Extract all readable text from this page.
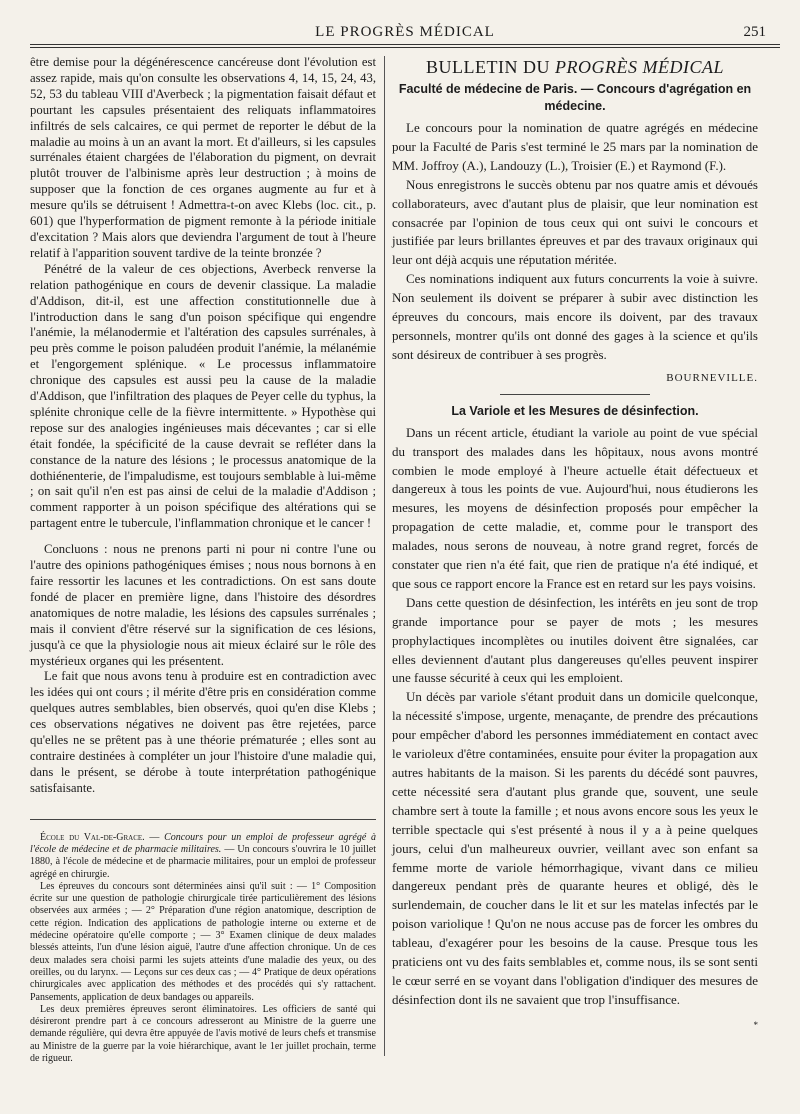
LE PROGRÈS MÉDICAL	251

être demise pour la dégénérescence cancéreuse dont l'évolution est assez rapide, mais qu'on consulte les observations 4, 14, 15, 24, 43, 52, 53 du tableau VIII d'Averbeck ; la pigmentation faisait défaut et pourtant les capsules présentaient des reliquats inflammatoires infiltrés de sels calcaires, ce qui permet de reporter le début de la maladie au moins à un an avant la mort. Et d'ailleurs, si les capsules surrénales étaient chargées de l'élaboration du pigment, on devrait plutôt trouver de l'albinisme après leur destruction ; à moins de supposer que la fonction de ces organes augmente au fur et à mesure qu'ils se détruisent ! Admettra-t-on avec Klebs (loc. cit., p. 601) que l'hyperformation de pigment remonte à la période initiale d'excitation ? Mais alors que deviendra l'argument de tout à l'heure relatif à l'apparition souvent tardive de la teinte bronzée ?

Pénétré de la valeur de ces objections, Averbeck renverse la relation pathogénique en cours de devenir classique. La maladie d'Addison, dit-il, est une affection constitutionnelle due à l'introduction dans le sang d'un poison spécifique qui engendre l'anémie, la mélanodermie et l'altération des capsules surrénales, à peu près comme le poison paludéen produit l'anémie, la mélanémie et l'engorgement splénique. « Le processus inflammatoire chronique des capsules est aussi peu la cause de la maladie d'Addison, que l'infiltration des plaques de Peyer celle du typhus, la splénite chronique celle de la fièvre intermittente. » Hypothèse qui repose sur des analogies ingénieuses mais décevantes ; car si elle était fondée, la spécificité de la cause devrait se refléter dans la constance de la nature des lésions ; le processus anatomique de la dothiénenterie, de l'impaludisme, est toujours semblable à lui-même ; on sait qu'il n'en est pas ainsi de celui de la maladie d'Addison ; comment rapporter à un poison spécifique des altérations qui se partagent entre le tubercule, l'inflammation chronique et le cancer !

Concluons : nous ne prenons parti ni pour ni contre l'une ou l'autre des opinions pathogéniques émises ; nous nous bornons à en faire ressortir les lacunes et les contradictions. On est sans doute fondé de placer en première ligne, dans l'histoire des désordres anatomiques de notre maladie, les lésions des capsules surrénales ; mais il convient d'être réservé sur la signification de ces lésions, jusqu'à ce que la physiologie nous ait mieux éclairé sur le rôle des mystérieux organes qui les présentent.

Le fait que nous avons tenu à produire est en contradiction avec les idées qui ont cours ; il mérite d'être pris en considération comme quelques autres semblables, bien observés, quoi qu'en dise Klebs ; ces observations négatives ne doivent pas être rejetées, parce qu'elles ne se prêtent pas à une théorie prématurée ; elles sont au contraire destinées à compléter un jour l'histoire d'une maladie qui, dans le présent, se dérobe à toute interprétation pathogénique satisfaisante.

École du Val-de-Grace. — Concours pour un emploi de professeur agrégé à l'école de médecine et de pharmacie militaires. — Un concours s'ouvrira le 10 juillet 1880, à l'école de médecine et de pharmacie militaires, pour un emploi de professeur agrégé en chirurgie.

Les épreuves du concours sont déterminées ainsi qu'il suit : — 1° Composition écrite sur une question de pathologie chirurgicale tirée particulièrement des lésions observées aux armées ; — 2° Préparation d'une région anatomique, description de cette région. Indication des applications de pathologie interne ou externe et de médecine opératoire qu'elle comporte ; — 3° Examen clinique de deux malades blessés atteints, l'un d'une lésion aiguë, l'autre d'une affection chronique. Un de ces deux malades sera choisi parmi les sujets atteints d'une maladie des yeux, ou des oreilles, ou du larynx. — Leçons sur ces deux cas ; — 4° Pratique de deux opérations chirurgicales avec application des méthodes et des procédés qui s'y rattachent. Pansements, application de deux bandages ou appareils.

Les deux premières épreuves seront éliminatoires. Les officiers de santé qui désireront prendre part à ce concours adresseront au Ministre de la guerre une demande régulière, qui devra être appuyée de l'avis motivé de leurs chefs et transmise au Ministre de la guerre par la voie hiérarchique, avant le 1er juillet prochain, terme de rigueur.

BULLETIN DU PROGRÈS MÉDICAL
Faculté de médecine de Paris. — Concours d'agrégation en médecine.

Le concours pour la nomination de quatre agrégés en médecine pour la Faculté de Paris s'est terminé le 25 mars par la nomination de MM. Joffroy (A.), Landouzy (L.), Troisier (E.) et Raymond (F.).

Nous enregistrons le succès obtenu par nos quatre amis et dévoués collaborateurs, avec d'autant plus de plaisir, que leur nomination est consacrée par l'opinion de tous ceux qui ont suivi le concours et justifiée par leurs brillantes épreuves et par des travaux originaux qui leur ont déjà acquis une réputation méritée.

Ces nominations indiquent aux futurs concurrents la voie à suivre. Non seulement ils doivent se préparer à subir avec distinction les épreuves du concours, mais encore ils doivent, par des travaux personnels, montrer qu'ils ont donné des gages à la science et qu'ils sont désireux de contribuer à ses progrès.

BOURNEVILLE.
La Variole et les Mesures de désinfection.

Dans un récent article, étudiant la variole au point de vue spécial du transport des malades dans les hôpitaux, nous avons montré combien le mode employé à l'heure actuelle était défectueux et dangereux à tous les points de vue. Aujourd'hui, nous étudierons les mesures, les moyens de désinfection proposés pour empêcher la propagation de cette maladie, et, comme pour le transport des malades, nous serons de nouveau, à notre grand regret, forcés de constater que rien n'a été fait, que rien de pratique n'a été indiqué, et que sous ce rapport encore la France est en retard sur les pays voisins.

Dans cette question de désinfection, les intérêts en jeu sont de trop grande importance pour se payer de mots ; les mesures prophylactiques incomplètes ou inutiles doivent être signalées, car elles deviennent d'autant plus dangereuses qu'elles peuvent inspirer une fausse sécurité à ceux qui les emploient.

Un décès par variole s'étant produit dans un domicile quelconque, la nécessité s'impose, urgente, menaçante, de prendre des précautions pour empêcher d'abord les personnes immédiatement en contact avec le varioleux d'être contaminées, ensuite pour éviter la propagation aux autres habitants de la maison. Si les parents du décédé sont pauvres, cette nécessité sera d'autant plus grande que, souvent, une seule chambre sert à toute la famille ; et nous avons encore sous les yeux le terrible spectacle qui s'est présenté à nous il y a à peine quelques jours, celui d'un malheureux ouvrier, veillant avec son enfant sa femme morte de variole hémorrhagique, vivant dans ce milieu dangereux pendant près de quarante heures et obligé, dès le surlendemain, de coucher dans le lit et sur les matelas infectés par le poison variolique ! Qu'on ne nous accuse pas de forcer les ombres du tableau, d'exagérer pour les besoins de la cause. Presque tous les praticiens ont vu des faits semblables et, comme nous, ils se sont senti le cœur serré en se voyant dans l'obligation d'indiquer des mesures de désinfection dont ils ne savaient que trop l'insuffisance.

*
